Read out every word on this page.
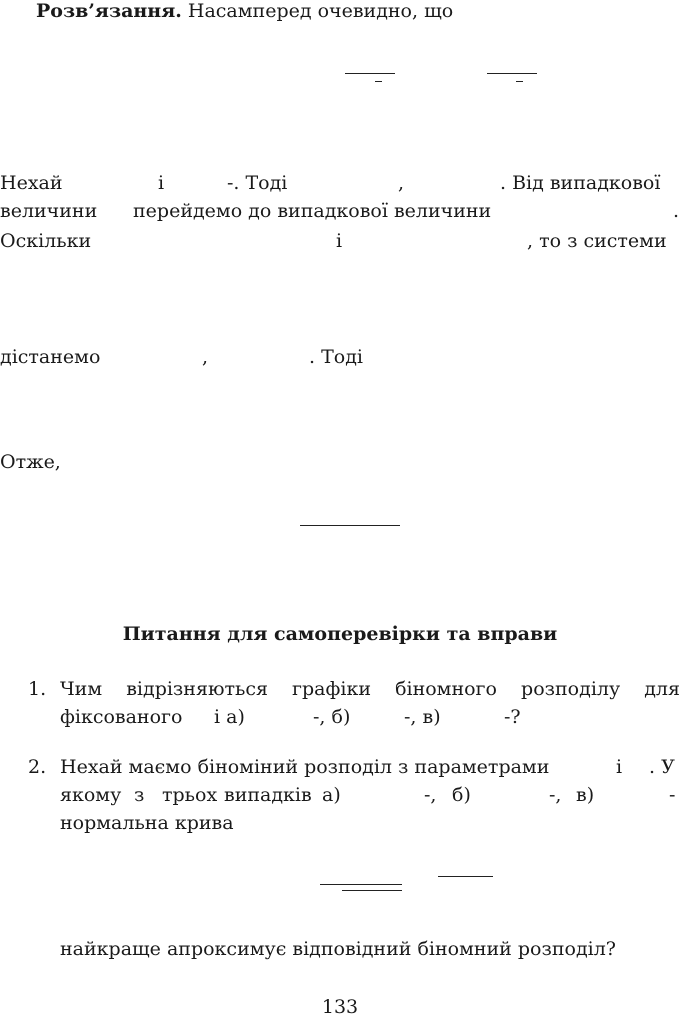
Розв’язання. Насамперед очевидно, що
Нехай	і	-. Тоді	,	. Від випадкової
величини перейдемо до випадкової величини	.
Оскільки	і	, то з системи
дістанемо	,	. Тоді
Отже,
Питання для самоперевірки та вправи
1. Чим відрізняються графіки біномного розподілу для
фіксованого і а)	-, б)	-, в)	-?
2. Нехай маємо біноміний розподіл з параметрами	і . У
якому з трьох випадків а)	-, б)	-, в)	-
нормальна крива
найкраще апроксимує відповідний біномний розподіл?
133
